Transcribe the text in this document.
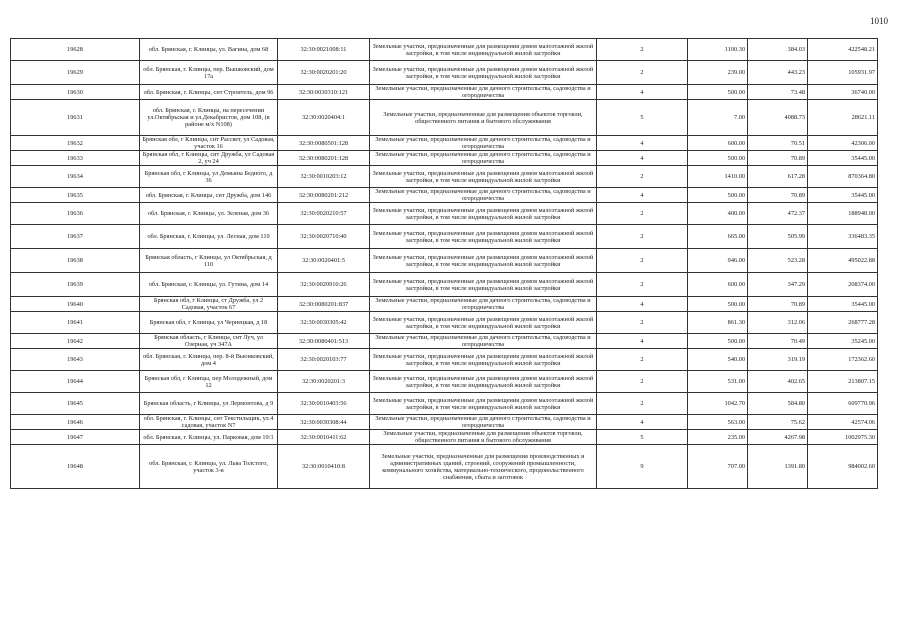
1010
19628	обл. Брянская, г. Клинцы, ул. Вагина, дом 68	32:30:0021008:11	Земельные участки, предназначенные для размещения домов малоэтажной жилой застройки, в том числе индивидуальной жилой застройки	2	1100.30	384.03	422548.21
19629	обл. Брянская, г. Клинцы, пер. Вышковский, дом 17а	32:30:0020201:20	Земельные участки, предназначенные для размещения домов малоэтажной жилой застройки, в том числе индивидуальной жилой застройки	2	239.00	443.23	105931.97
19630	обл. Брянская, г. Клинцы, снт Строитель, дом 96	32:30:0030310:121	Земельные участки, предназначенные для дачного строительства, садоводства и огородничества	4	500.00	73.48	36740.00
19631	обл. Брянская, г. Клинцы, на пересечении ул.Октябрьская и ул.Декабристов, дом 108, (в районе м/х N108)	32:30:0020404:1	Земельные участки, предназначенные для размещения объектов торговли, общественного питания и бытового обслуживания	5	7.00	4088.73	28621.11
19632	Брянская обл, г Клинцы, снт Рассвет, ул Садовая, участок 16	32:30:0080501:128	Земельные участки, предназначенные для дачного строительства, садоводства и огородничества	4	600.00	70.51	42306.00
19633	Брянская обл, г Клинцы, снт Дружба, ул Садовая 2, уч 24	32:30:0080201:128	Земельные участки, предназначенные для дачного строительства, садоводства и огородничества	4	500.00	70.89	35445.00
19634	Брянская обл, г Клинцы, ул Демьяна Бедного, д 36	32:30:0010203:12	Земельные участки, предназначенные для размещения домов малоэтажной жилой застройки, в том числе индивидуальной жилой застройки	2	1410.00	617.28	870364.80
19635	обл. Брянская, г. Клинцы, снт Дружба, дом 146	32:30:0080201:212	Земельные участки, предназначенные для дачного строительства, садоводства и огородничества	4	500.00	70.89	35445.00
19636	обл. Брянская, г. Клинцы, ул. Зеленая, дом 36	32:30:0020210:57	Земельные участки, предназначенные для размещения домов малоэтажной жилой застройки, в том числе индивидуальной жилой застройки	2	400.00	472.37	188948.00
19637	обл. Брянская, г. Клинцы, ул. Лесная, дом 119	32:30:0020710:40	Земельные участки, предназначенные для размещения домов малоэтажной жилой застройки, в том числе индивидуальной жилой застройки	2	665.00	505.99	336483.35
19638	Брянская область, г Клинцы, ул Октябрьская, д 110	32:30:0020401:5	Земельные участки, предназначенные для размещения домов малоэтажной жилой застройки, в том числе индивидуальной жилой застройки	2	946.00	523.28	495022.88
19639	обл. Брянская, г. Клинцы, ул. Гутина, дом 14	32:30:0020910:26	Земельные участки, предназначенные для размещения домов малоэтажной жилой застройки, в том числе индивидуальной жилой застройки	2	600.00	347.29	208374.00
19640	Брянская обл, г Клинцы, ст Дружба, ул 2 Садовая, участок 67	32:30:0080201:837	Земельные участки, предназначенные для дачного строительства, садоводства и огородничества	4	500.00	70.89	35445.00
19641	Брянская обл, г Клинцы, ул Чернецкая, д 18	32:30:0030305:42	Земельные участки, предназначенные для размещения домов малоэтажной жилой застройки, в том числе индивидуальной жилой застройки	2	861.30	312.06	268777.28
19642	Брянская область, г Клинцы, снт Луч, ул Озерная, уч 347А	32:30:0080401:513	Земельные участки, предназначенные для дачного строительства, садоводства и огородничества	4	500.00	70.49	35245.00
19643	обл. Брянская, г. Клинцы, пер. 8-й Вьюнковский, дом 4	32:30:0020103:77	Земельные участки, предназначенные для размещения домов малоэтажной жилой застройки, в том числе индивидуальной жилой застройки	2	540.00	319.19	172362.60
19644	Брянская обл, г Клинцы, пер Молодежный, дом 12	32:30:0020201:3	Земельные участки, предназначенные для размещения домов малоэтажной жилой застройки, в том числе индивидуальной жилой застройки	2	531.00	402.65	213807.15
19645	Брянская область, г Клинцы, ул Лермонтова, д 9	32:30:0010403:56	Земельные участки, предназначенные для размещения домов малоэтажной жилой застройки, в том числе индивидуальной жилой застройки	2	1042.70	584.80	609770.96
19646	обл. Брянская, г. Клинцы, снт Текстильщик, ул.4 садовая, участок N7	32:30:0030308:44	Земельные участки, предназначенные для дачного строительства, садоводства и огородничества	4	563.00	75.62	42574.06
19647	обл. Брянская, г. Клинцы, ул. Парковая, дом 19/1	32:30:0010411:62	Земельные участки, предназначенные для размещения объектов торговли, общественного питания и бытового обслуживания	5	235.00	4267.98	1002975.30
19648	обл. Брянская, г. Клинцы, ул. Льва Толстого, участок 3-в	32:30:0010410:8	Земельные участки, предназначенные для размещения производственных и административных зданий, строений, сооружений промышленности, коммунального хозяйства, материально-технического, продовольственного снабжения, сбыта и заготовок	9	707.00	1391.80	984002.60
